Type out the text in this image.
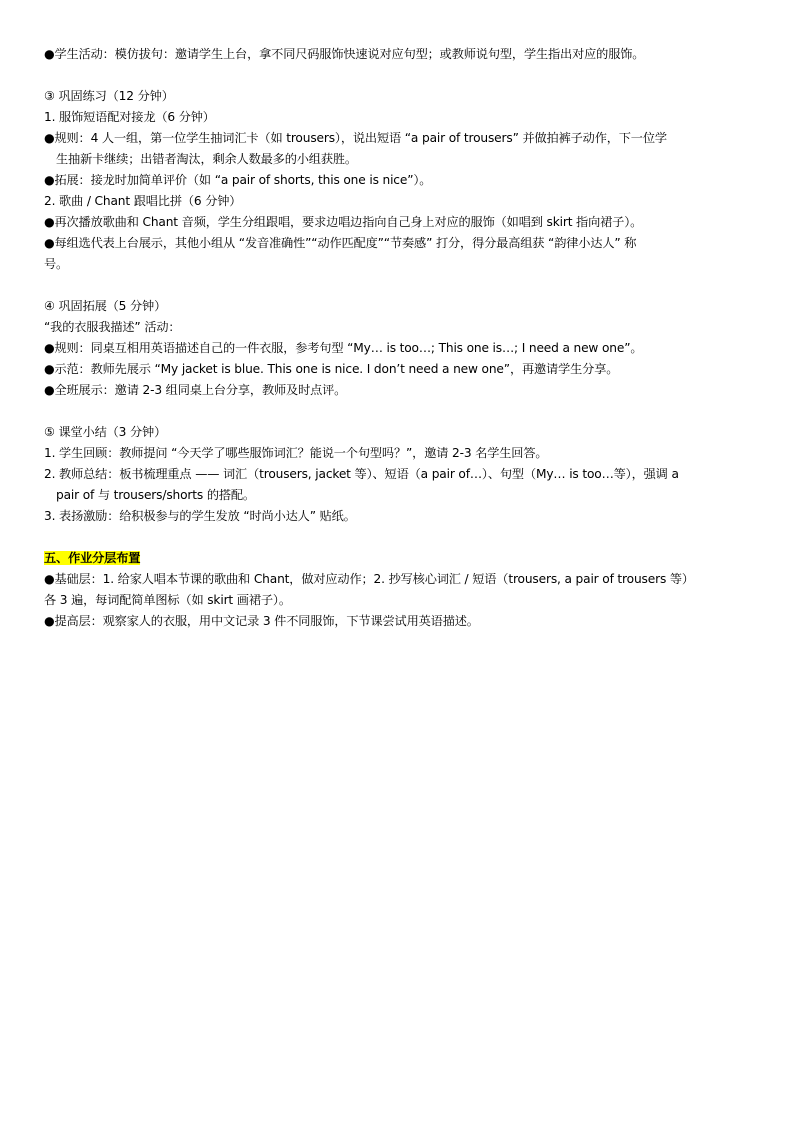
●学生活动：模仿拔句：邀请学生上台，拿不同尺码服饰快速说对应句型；或教师说句型，学生指出对应的服饰。
③ 巩固练习（12 分钟）
1. 服饰短语配对接龙（6 分钟）
●规则：4 人一组，第一位学生抽词汇卡（如 trousers），说出短语 “a pair of trousers” 并做拍裤子动作，下一位学
生抽新卡继续；出错者淘汰，剩余人数最多的小组获胜。
●拓展：接龙时加简单评价（如 “a pair of shorts, this one is nice”）。
2. 歌曲 / Chant 跟唱比拼（6 分钟）
●再次播放歌曲和 Chant 音频，学生分组跟唱，要求边唱边指向自己身上对应的服饰（如唱到 skirt 指向裙子）。
●每组选代表上台展示，其他小组从 “发音准确性”“动作匹配度”“节奏感” 打分，得分最高组获 “韵律小达人” 称
号。
④ 巩固拓展（5 分钟）
“我的衣服我描述” 活动：
●规则：同桌互相用英语描述自己的一件衣服，参考句型 “My… is too…; This one is…; I need a new one”。
●示范：教师先展示 “My jacket is blue. This one is nice. I don’t need a new one”，再邀请学生分享。
●全班展示：邀请 2-3 组同桌上台分享，教师及时点评。
⑤ 课堂小结（3 分钟）
1. 学生回顾：教师提问 “今天学了哪些服饰词汇？能说一个句型吗？”，邀请 2-3 名学生回答。
2. 教师总结：板书梳理重点 —— 词汇（trousers, jacket 等）、短语（a pair of…）、句型（My… is too…等），强调 a
pair of 与 trousers/shorts 的搭配。
3. 表扬激励：给积极参与的学生发放 “时尚小达人” 贴纸。
五、作业分层布置
●基础层：1. 给家人唱本节课的歌曲和 Chant，做对应动作；2. 抄写核心词汇 / 短语（trousers, a pair of trousers 等）
各 3 遍，每词配简单图标（如 skirt 画裙子）。
●提高层：观察家人的衣服，用中文记录 3 件不同服饰，下节课尝试用英语描述。
